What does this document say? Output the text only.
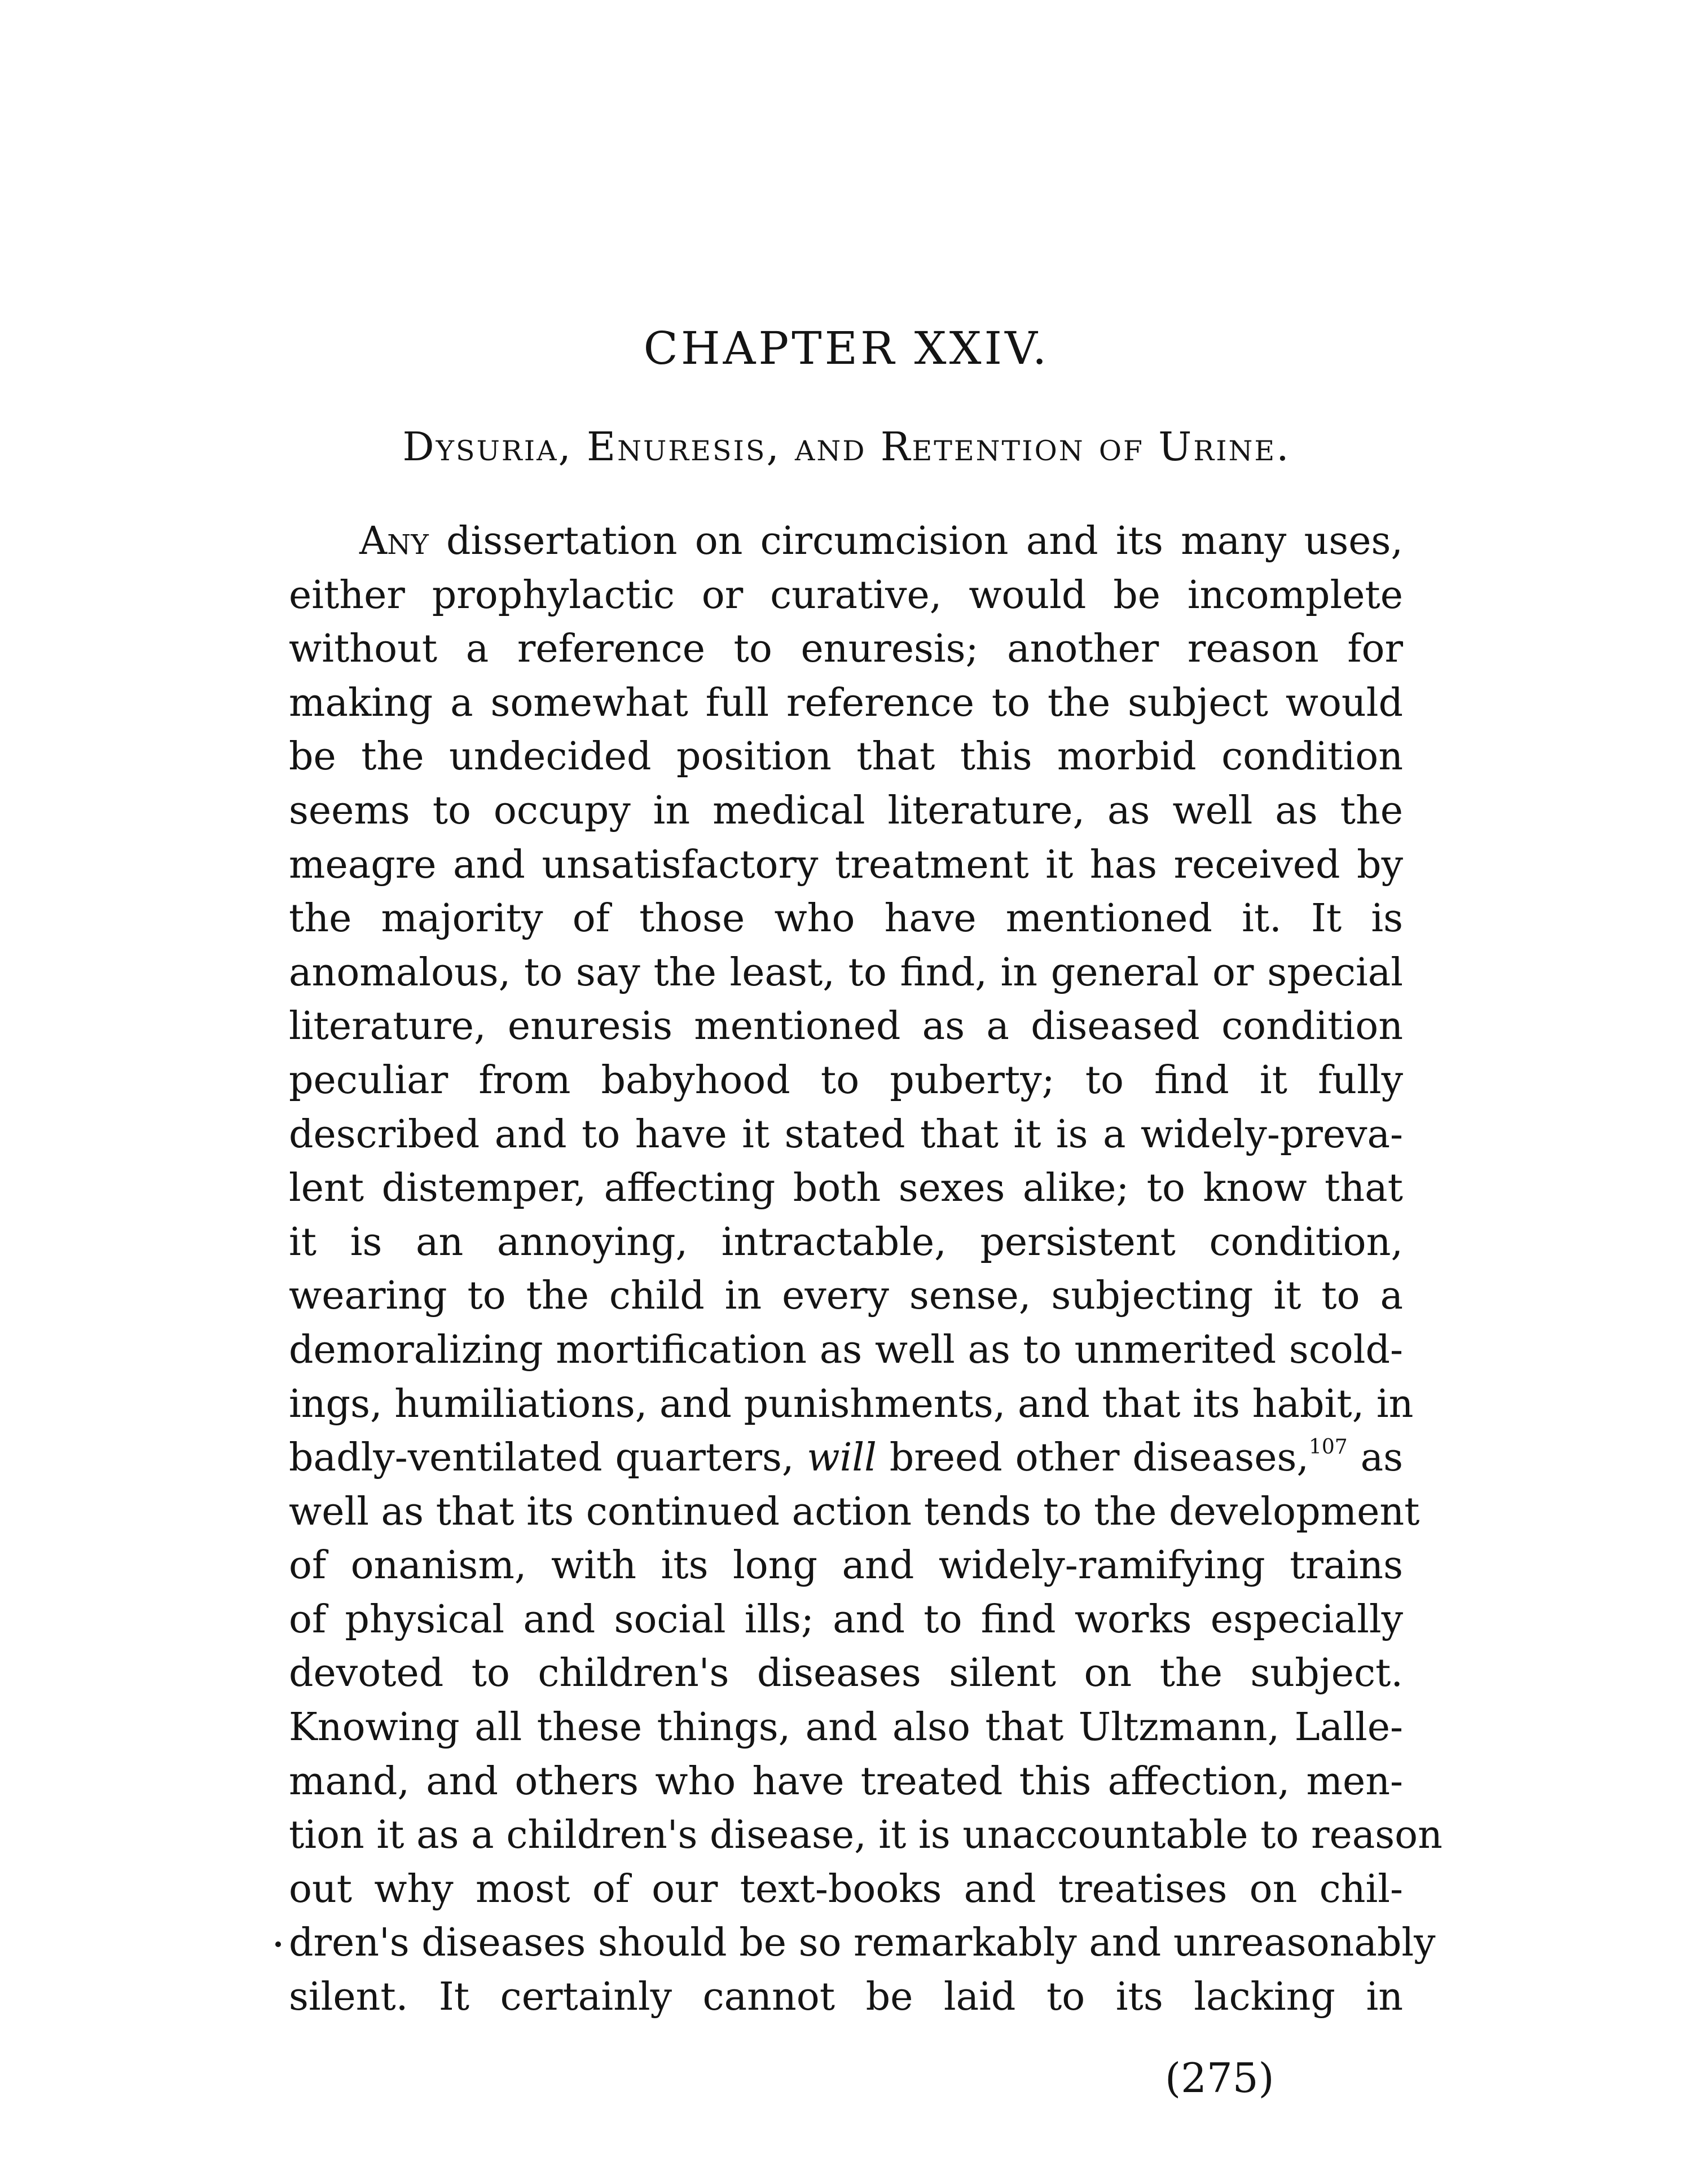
CHAPTER XXIV.
Dysuria, Enuresis, and Retention of Urine.
Any dissertation on circumcision and its many uses,
either prophylactic or curative, would be incomplete
without a reference to enuresis; another reason for
making a somewhat full reference to the subject would
be the undecided position that this morbid condition
seems to occupy in medical literature, as well as the
meagre and unsatisfactory treatment it has received by
the majority of those who have mentioned it. It is
anomalous, to say the least, to find, in general or special
literature, enuresis mentioned as a diseased condition
peculiar from babyhood to puberty; to find it fully
described and to have it stated that it is a widely-preva-
lent distemper, affecting both sexes alike; to know that
it is an annoying, intractable, persistent condition,
wearing to the child in every sense, subjecting it to a
demoralizing mortification as well as to unmerited scold-
ings, humiliations, and punishments, and that its habit, in
badly-ventilated quarters, will breed other diseases,$^{107}$ as
well as that its continued action tends to the development
of onanism, with its long and widely-ramifying trains
of physical and social ills; and to find works especially
devoted to children's diseases silent on the subject.
Knowing all these things, and also that Ultzmann, Lalle-
mand, and others who have treated this affection, men-
tion it as a children's disease, it is unaccountable to reason
out why most of our text-books and treatises on chil-
dren's diseases should be so remarkably and unreasonably
silent. It certainly cannot be laid to its lacking in
(275)
